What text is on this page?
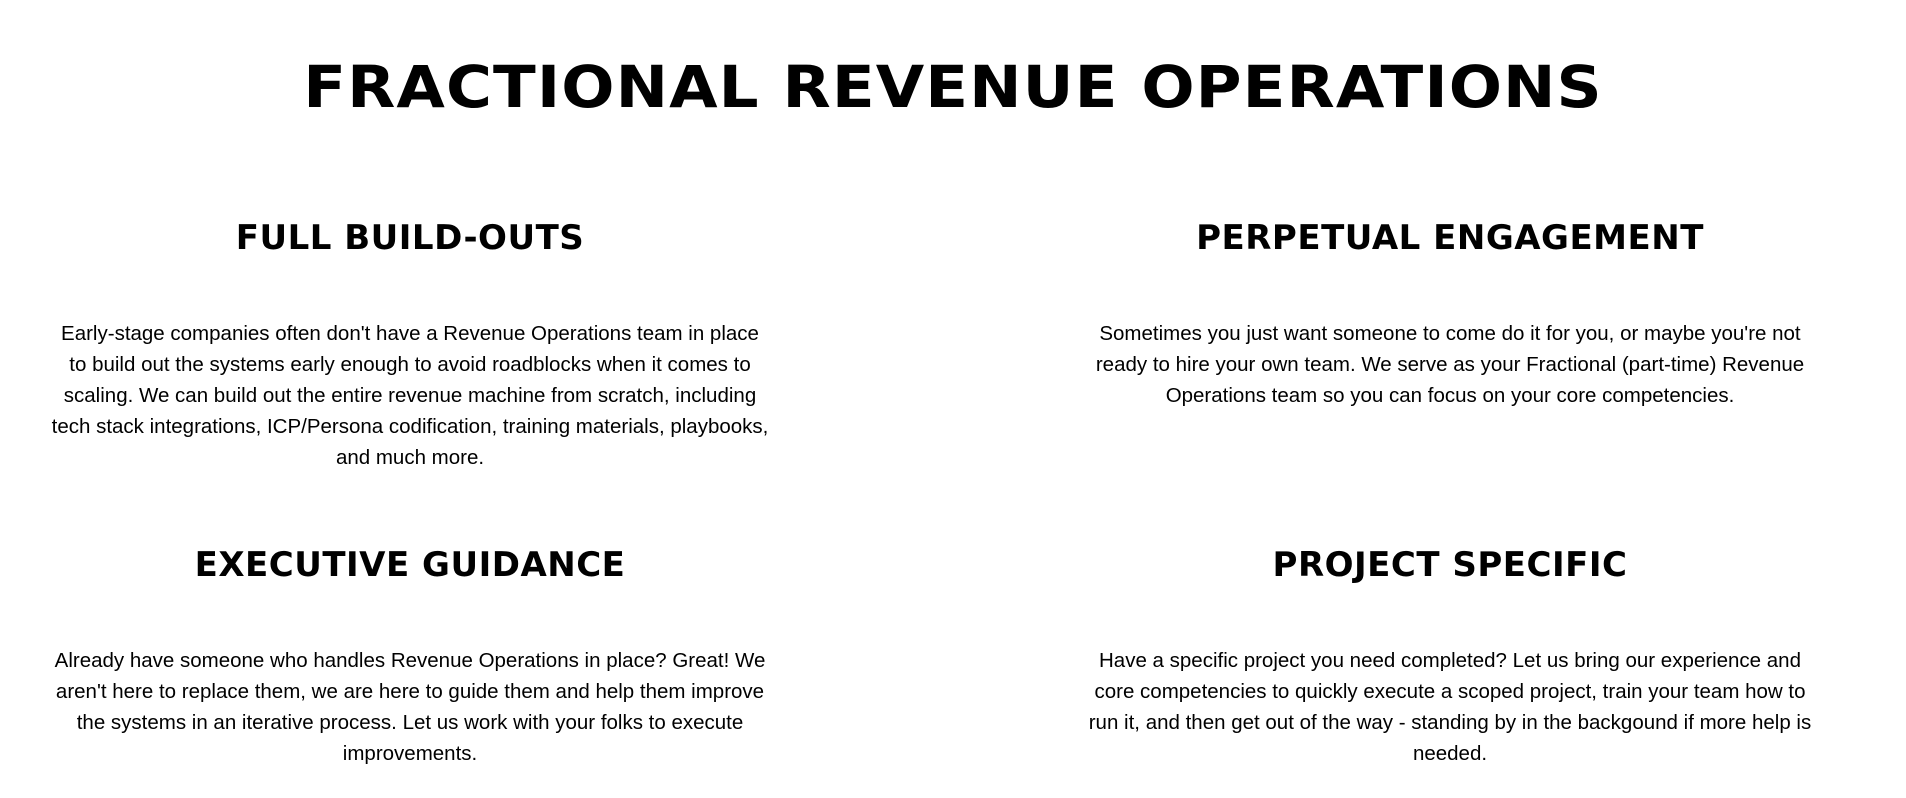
FRACTIONAL REVENUE OPERATIONS
FULL BUILD-OUTS

Early-stage companies often don't have a Revenue Operations team in place to build out the systems early enough to avoid roadblocks when it comes to scaling. We can build out the entire revenue machine from scratch, including tech stack integrations, ICP/Persona codification, training materials, playbooks, and much more.

PERPETUAL ENGAGEMENT

Sometimes you just want someone to come do it for you, or maybe you're not ready to hire your own team. We serve as your Fractional (part-time) Revenue Operations team so you can focus on your core competencies.

EXECUTIVE GUIDANCE

Already have someone who handles Revenue Operations in place? Great! We aren't here to replace them, we are here to guide them and help them improve the systems in an iterative process. Let us work with your folks to execute improvements.

PROJECT SPECIFIC

Have a specific project you need completed? Let us bring our experience and core competencies to quickly execute a scoped project, train your team how to run it, and then get out of the way - standing by in the backgound if more help is needed.
